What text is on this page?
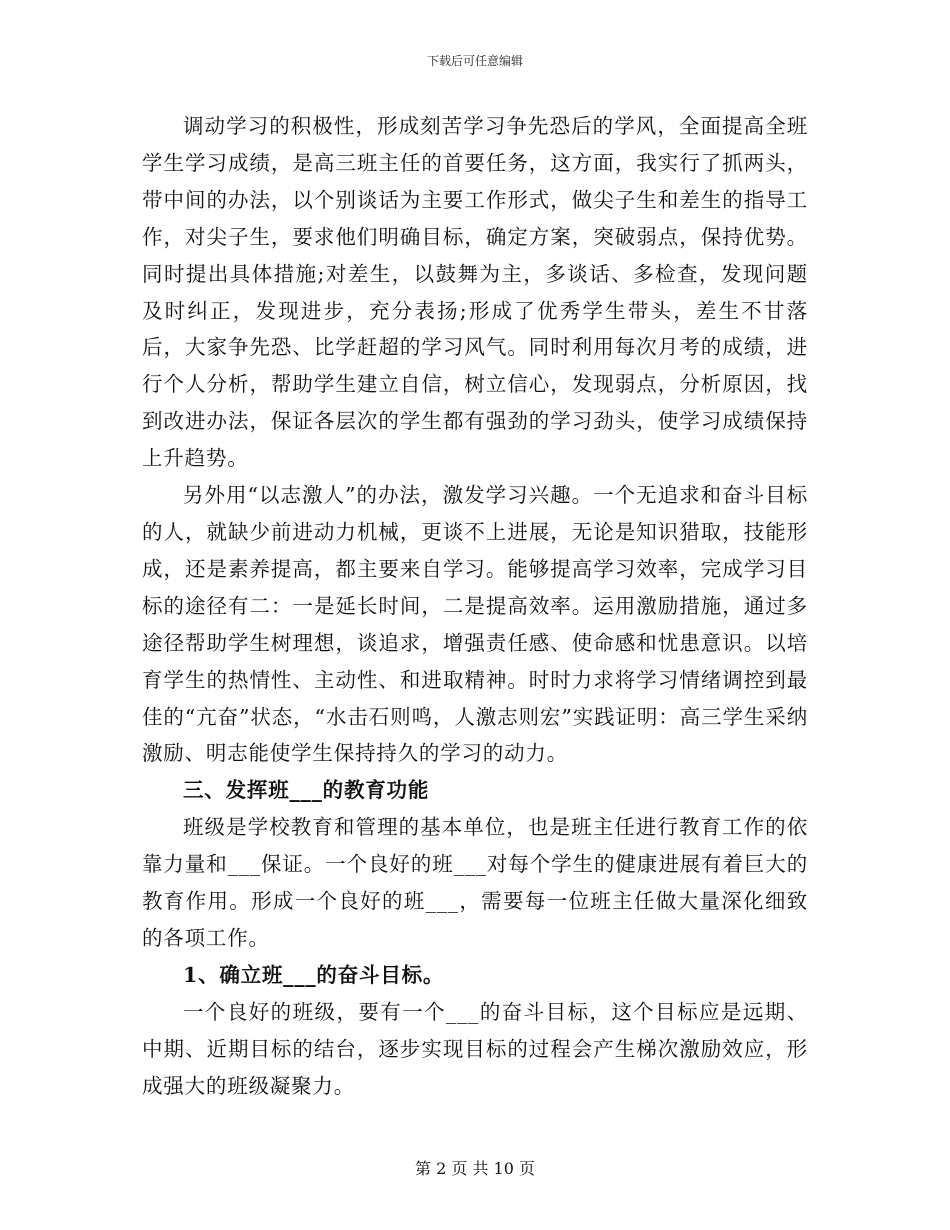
下载后可任意编辑

调动学习的积极性，形成刻苦学习争先恐后的学风，全面提高全班学生学习成绩，是高三班主任的首要任务，这方面，我实行了抓两头，带中间的办法，以个别谈话为主要工作形式，做尖子生和差生的指导工作，对尖子生，要求他们明确目标，确定方案，突破弱点，保持优势。同时提出具体措施;对差生，以鼓舞为主，多谈话、多检查，发现问题及时纠正，发现进步，充分表扬;形成了优秀学生带头，差生不甘落后，大家争先恐、比学赶超的学习风气。同时利用每次月考的成绩，进行个人分析，帮助学生建立自信，树立信心，发现弱点，分析原因，找到改进办法，保证各层次的学生都有强劲的学习劲头，使学习成绩保持上升趋势。

另外用“以志激人”的办法，激发学习兴趣。一个无追求和奋斗目标的人，就缺少前进动力机械，更谈不上进展，无论是知识猎取，技能形成，还是素养提高，都主要来自学习。能够提高学习效率，完成学习目标的途径有二：一是延长时间，二是提高效率。运用激励措施，通过多途径帮助学生树理想，谈追求，增强责任感、使命感和忧患意识。以培育学生的热情性、主动性、和进取精神。时时力求将学习情绪调控到最佳的“亢奋”状态，“水击石则鸣，人激志则宏”实践证明：高三学生采纳激励、明志能使学生保持持久的学习的动力。

三、发挥班___的教育功能

班级是学校教育和管理的基本单位，也是班主任进行教育工作的依靠力量和___保证。一个良好的班___对每个学生的健康进展有着巨大的教育作用。形成一个良好的班___，需要每一位班主任做大量深化细致的各项工作。

1、确立班___的奋斗目标。

一个良好的班级，要有一个___的奋斗目标，这个目标应是远期、中期、近期目标的结台，逐步实现目标的过程会产生梯次激励效应，形成强大的班级凝聚力。

第 2 页 共 10 页
